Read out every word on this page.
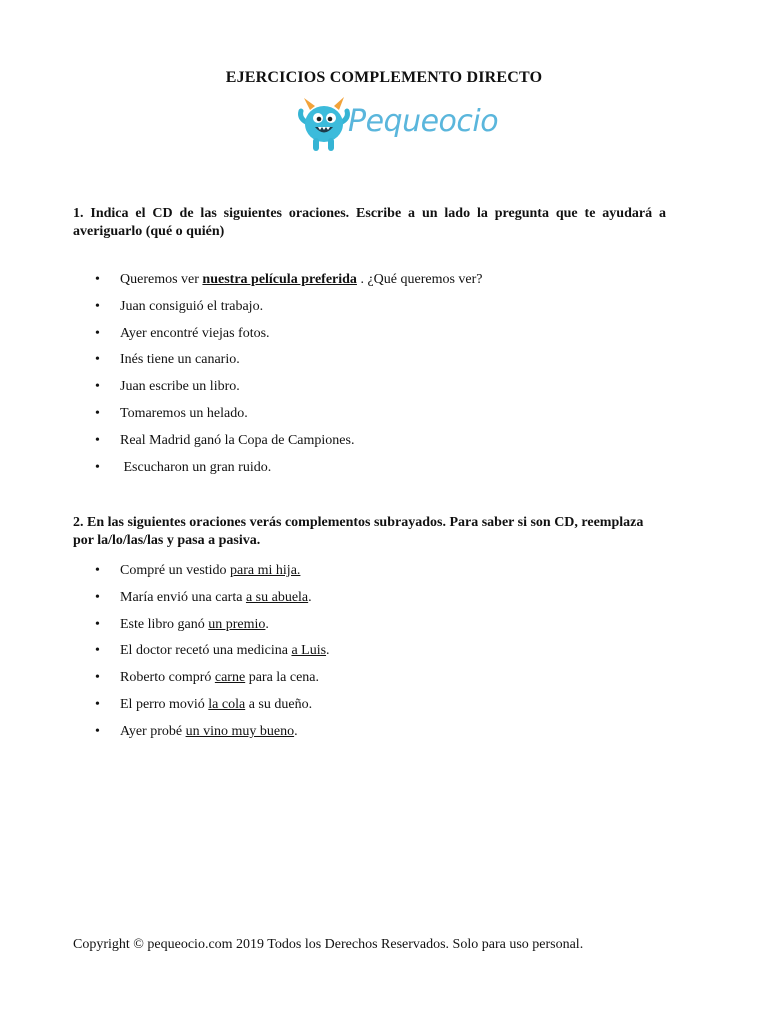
EJERCICIOS COMPLEMENTO DIRECTO
Pequeocio
1. Indica el CD de las siguientes oraciones. Escribe a un lado la pregunta que te ayudará a averiguarlo (qué o quién)
• Queremos ver nuestra película preferida . ¿Qué queremos ver?
• Juan consiguió el trabajo.
• Ayer encontré viejas fotos.
• Inés tiene un canario.
• Juan escribe un libro.
• Tomaremos un helado.
• Real Madrid ganó la Copa de Campiones.
•  Escucharon un gran ruido.
2. En las siguientes oraciones verás complementos subrayados. Para saber si son CD, reemplaza por la/lo/las/las y pasa a pasiva.
• Compré un vestido para mi hija.
• María envió una carta a su abuela.
• Este libro ganó un premio.
• El doctor recetó una medicina a Luis.
• Roberto compró carne para la cena.
• El perro movió la cola a su dueño.
• Ayer probé un vino muy bueno.
Copyright © pequeocio.com 2019 Todos los Derechos Reservados. Solo para uso personal.
